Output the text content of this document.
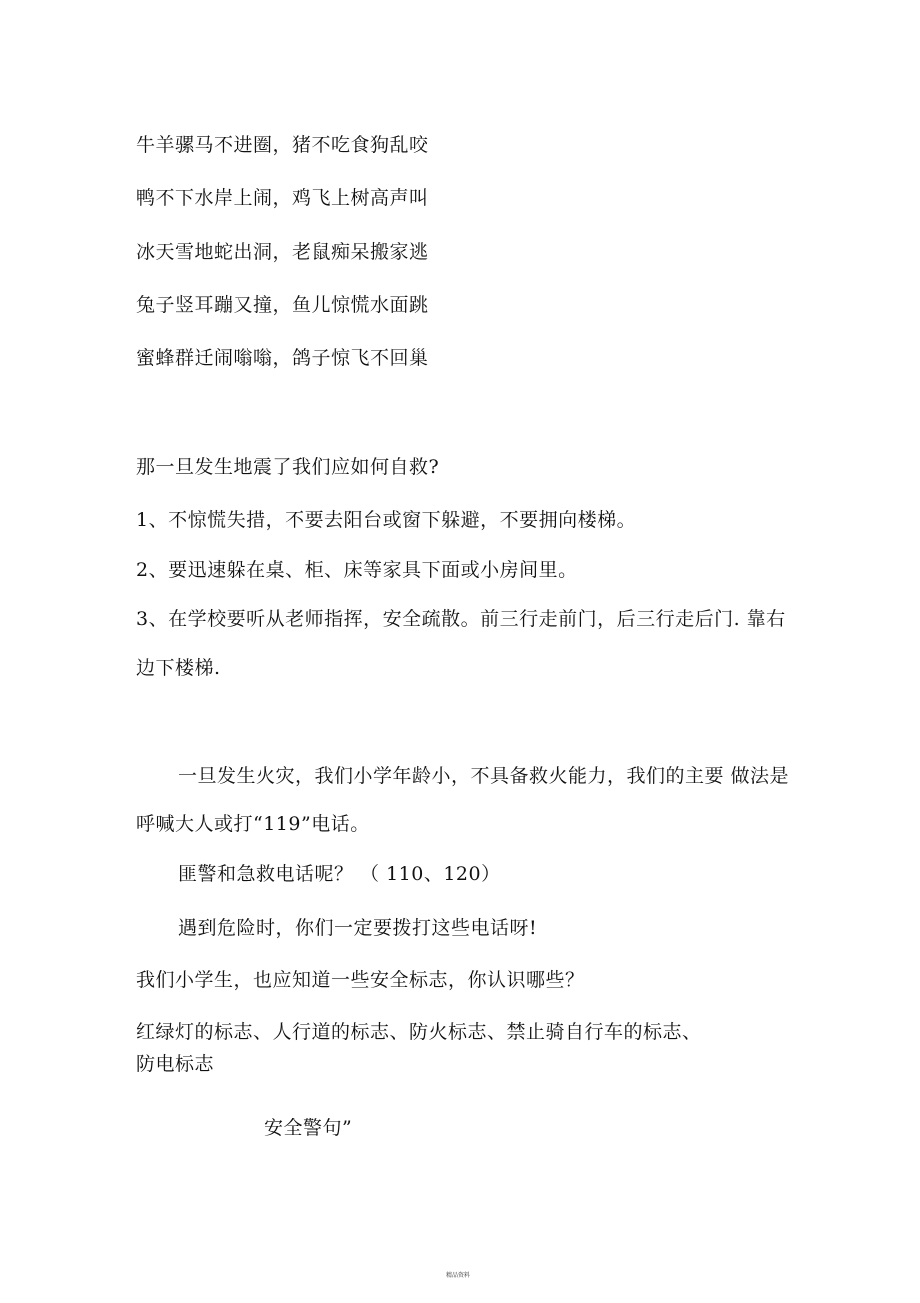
牛羊骡马不进圈，猪不吃食狗乱咬
鸭不下水岸上闹，鸡飞上树高声叫
冰天雪地蛇出洞，老鼠痴呆搬家逃
兔子竖耳蹦又撞，鱼儿惊慌水面跳
蜜蜂群迁闹嗡嗡，鸽子惊飞不回巢
那一旦发生地震了我们应如何自救?
1、不惊慌失措，不要去阳台或窗下躲避，不要拥向楼梯。
2、要迅速躲在桌、柜、床等家具下面或小房间里。
3、在学校要听从老师指挥，安全疏散。前三行走前门，后三行走后门. 靠右
边下楼梯.
一旦发生火灾，我们小学年龄小，不具备救火能力，我们的主要 做法是
呼喊大人或打“119”电话。
匪警和急救电话呢？ （ 110、120）
遇到危险时，你们一定要拨打这些电话呀!
我们小学生，也应知道一些安全标志，你认识哪些？
红绿灯的标志、人行道的标志、防火标志、禁止骑自行车的标志、
防电标志
安全警句”
精品资料
